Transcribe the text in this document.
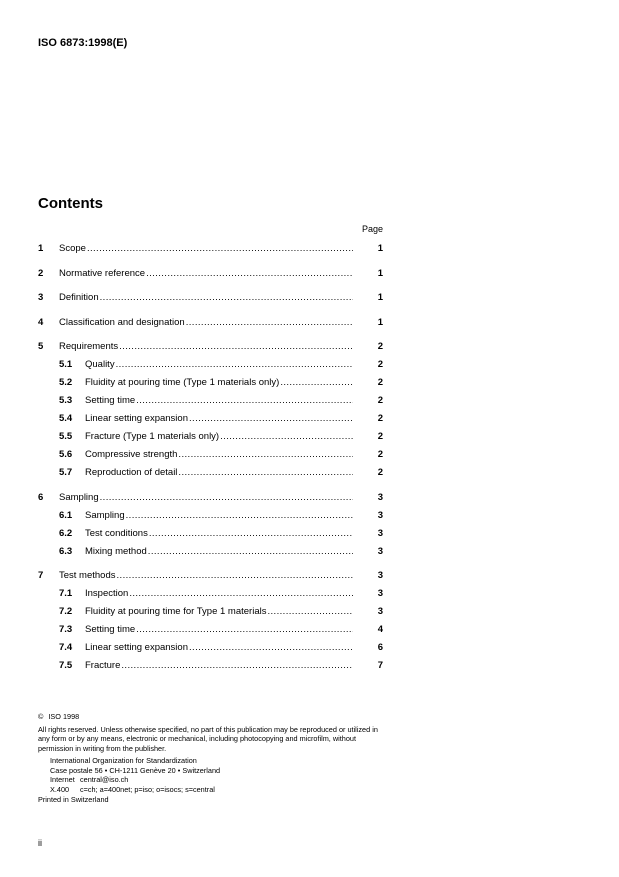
ISO 6873:1998(E)
Contents
Page
1	Scope .....	1
2	Normative reference .....	1
3	Definition .....	1
4	Classification and designation .....	1
5	Requirements .....	2
5.1	Quality .....	2
5.2	Fluidity at pouring time (Type 1 materials only) .....	2
5.3	Setting time .....	2
5.4	Linear setting expansion .....	2
5.5	Fracture (Type 1 materials only) .....	2
5.6	Compressive strength .....	2
5.7	Reproduction of detail .....	2
6	Sampling .....	3
6.1	Sampling .....	3
6.2	Test conditions .....	3
6.3	Mixing method .....	3
7	Test methods .....	3
7.1	Inspection .....	3
7.2	Fluidity at pouring time for Type 1 materials .....	3
7.3	Setting time .....	4
7.4	Linear setting expansion .....	6
7.5	Fracture .....	7
© ISO 1998
All rights reserved. Unless otherwise specified, no part of this publication may be reproduced or utilized in any form or by any means, electronic or mechanical, including photocopying and microfilm, without permission in writing from the publisher.
International Organization for Standardization
Case postale 56 • CH-1211 Genève 20 • Switzerland
Internet central@iso.ch
X.400 c=ch; a=400net; p=iso; o=isocs; s=central
Printed in Switzerland
ii
